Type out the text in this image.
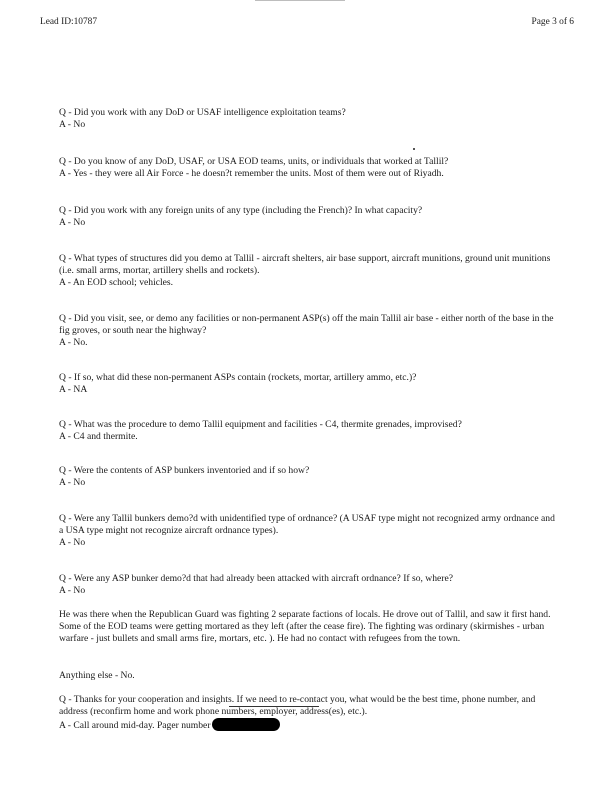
Lead ID:10787	Page 3 of 6

Q - Did you work with any DoD or USAF intelligence exploitation teams?

A - No

Q - Do you know of any DoD, USAF, or USA EOD teams, units, or individuals that worked at Tallil?

A - Yes - they were all Air Force - he doesn?t remember the units. Most of them were out of Riyadh.

Q - Did you work with any foreign units of any type (including the French)? In what capacity?

A - No

Q - What types of structures did you demo at Tallil - aircraft shelters, air base support, aircraft munitions, ground unit munitions (i.e. small arms, mortar, artillery shells and rockets).

A - An EOD school; vehicles.

Q - Did you visit, see, or demo any facilities or non-permanent ASP(s) off the main Tallil air base - either north of the base in the fig groves, or south near the highway?

A - No.

Q - If so, what did these non-permanent ASPs contain (rockets, mortar, artillery ammo, etc.)?

A - NA

Q - What was the procedure to demo Tallil equipment and facilities - C4, thermite grenades, improvised?

A - C4 and thermite.

Q - Were the contents of ASP bunkers inventoried and if so how?

A - No

Q - Were any Tallil bunkers demo?d with unidentified type of ordnance? (A USAF type might not recognized army ordnance and a USA type might not recognize aircraft ordnance types).

A - No

Q - Were any ASP bunker demo?d that had already been attacked with aircraft ordnance? If so, where?

A - No

He was there when the Republican Guard was fighting 2 separate factions of locals. He drove out of Tallil, and saw it first hand. Some of the EOD teams were getting mortared as they left (after the cease fire). The fighting was ordinary (skirmishes - urban warfare - just bullets and small arms fire, mortars, etc. ). He had no contact with refugees from the town.

Anything else - No.

Q - Thanks for your cooperation and insights. If we need to re-contact you, what would be the best time, phone number, and address (reconfirm home and work phone numbers, employer, address(es), etc.).

A - Call around mid-day. Pager number
